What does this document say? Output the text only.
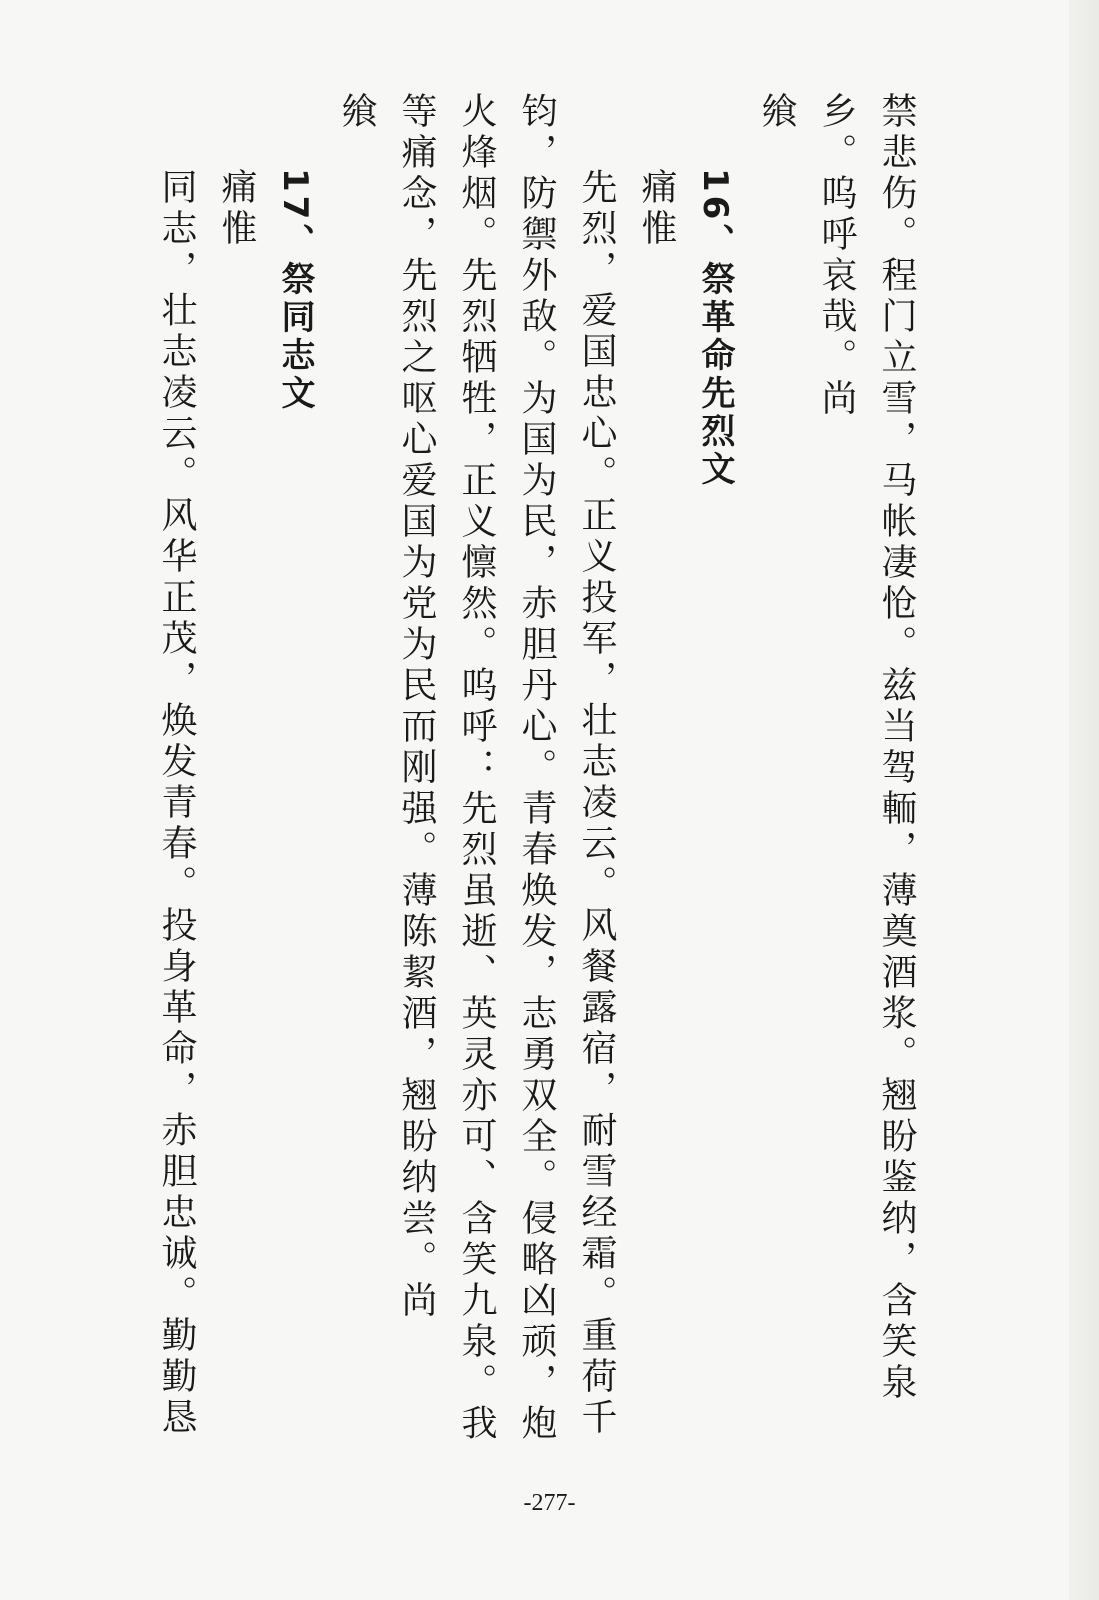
禁悲伤。程门立雪，马帐凄怆。兹当驾輀，薄奠酒浆。翘盼鉴纳，含笑泉
乡。呜呼哀哉。尚
飨
16、祭革命先烈文
痛惟
先烈，爱国忠心。正义投军，壮志凌云。风餐露宿，耐雪经霜。重荷千
钧，防禦外敌。为国为民，赤胆丹心。青春焕发，志勇双全。侵略凶顽，炮
火烽烟。先烈牺牲，正义懔然。呜呼：先烈虽逝、英灵亦可、含笑九泉。我
等痛念，先烈之呕心爱国为党为民而刚强。薄陈絜酒，翘盼纳尝。尚
飨
17、祭同志文
痛惟
同志，壮志凌云。风华正茂，焕发青春。投身革命，赤胆忠诚。勤勤恳
-277-
